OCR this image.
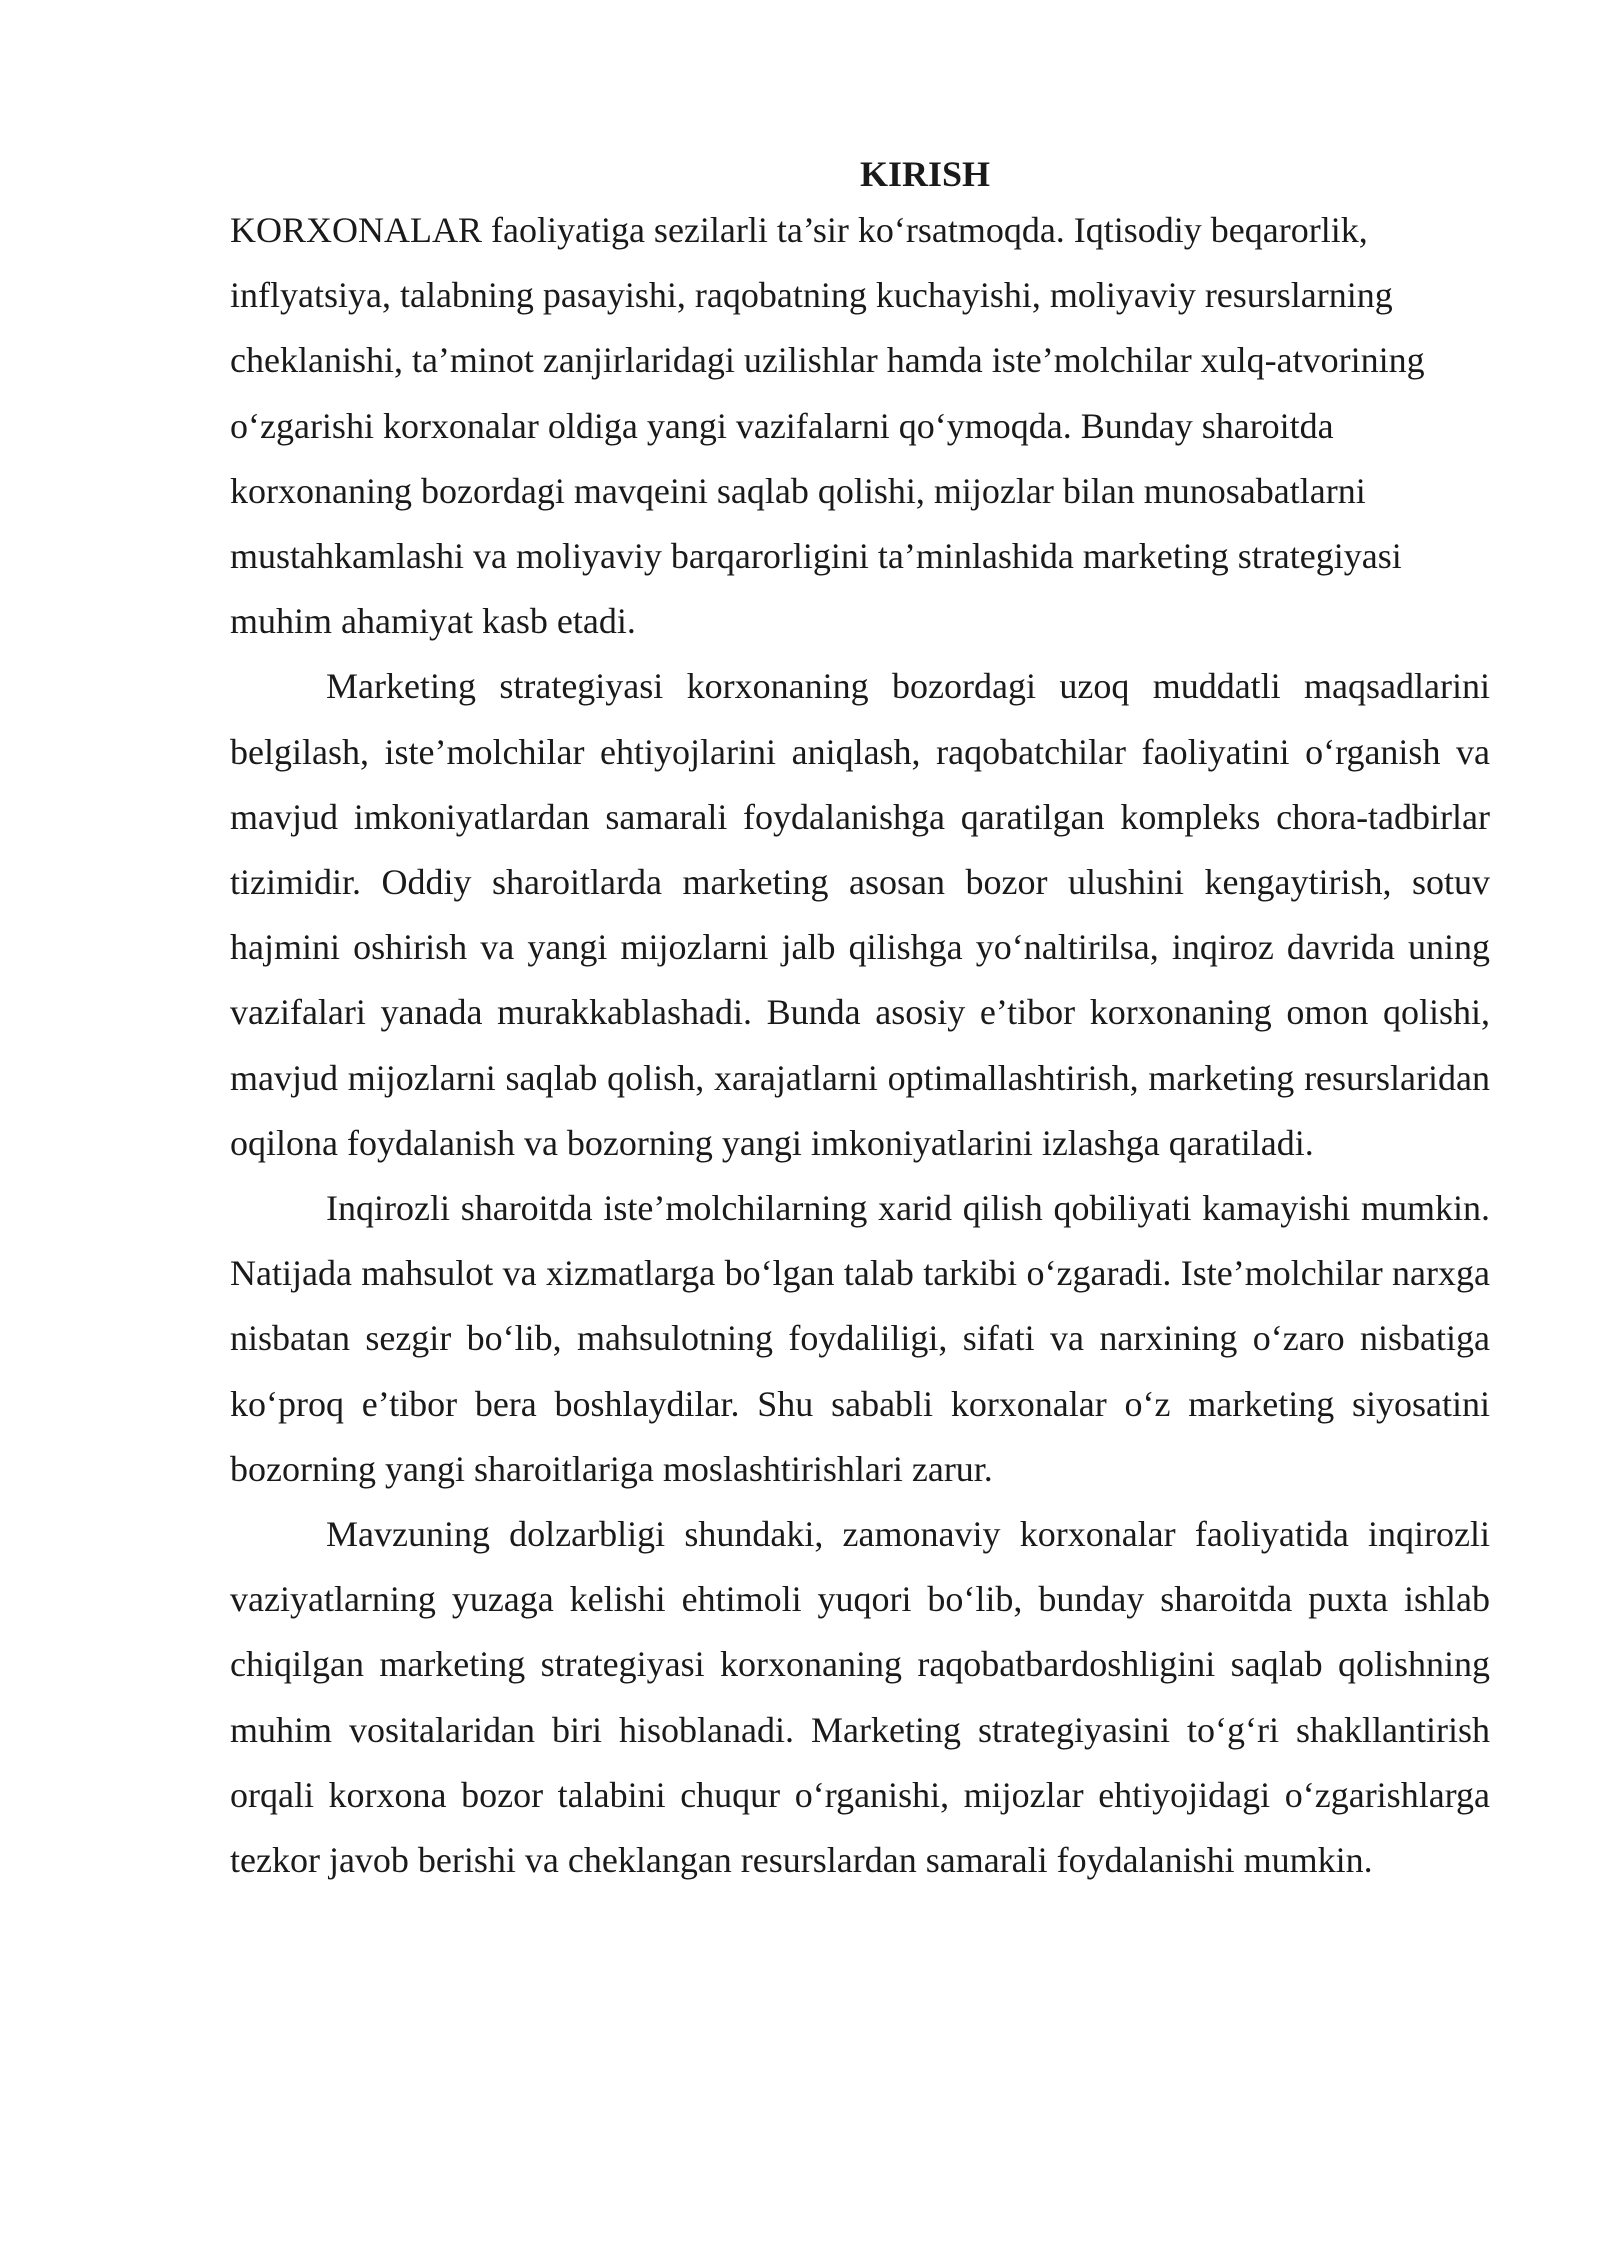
KIRISH

KORXONALAR faoliyatiga sezilarli ta’sir ko‘rsatmoqda. Iqtisodiy beqarorlik, inflyatsiya, talabning pasayishi, raqobatning kuchayishi, moliyaviy resurslarning cheklanishi, ta’minot zanjirlaridagi uzilishlar hamda iste’molchilar xulq-atvorining o‘zgarishi korxonalar oldiga yangi vazifalarni qo‘ymoqda. Bunday sharoitda korxonaning bozordagi mavqeini saqlab qolishi, mijozlar bilan munosabatlarni mustahkamlashi va moliyaviy barqarorligini ta’minlashida marketing strategiyasi muhim ahamiyat kasb etadi.

Marketing strategiyasi korxonaning bozordagi uzoq muddatli maqsadlarini belgilash, iste’molchilar ehtiyojlarini aniqlash, raqobatchilar faoliyatini o‘rganish va mavjud imkoniyatlardan samarali foydalanishga qaratilgan kompleks chora-tadbirlar tizimidir. Oddiy sharoitlarda marketing asosan bozor ulushini kengaytirish, sotuv hajmini oshirish va yangi mijozlarni jalb qilishga yo‘naltirilsa, inqiroz davrida uning vazifalari yanada murakkablashadi. Bunda asosiy e’tibor korxonaning omon qolishi, mavjud mijozlarni saqlab qolish, xarajatlarni optimallashtirish, marketing resurslaridan oqilona foydalanish va bozorning yangi imkoniyatlarini izlashga qaratiladi.

Inqirozli sharoitda iste’molchilarning xarid qilish qobiliyati kamayishi mumkin. Natijada mahsulot va xizmatlarga bo‘lgan talab tarkibi o‘zgaradi. Iste’molchilar narxga nisbatan sezgir bo‘lib, mahsulotning foydaliligi, sifati va narxining o‘zaro nisbatiga ko‘proq e’tibor bera boshlaydilar. Shu sababli korxonalar o‘z marketing siyosatini bozorning yangi sharoitlariga moslashtirishlari zarur.

Mavzuning dolzarbligi shundaki, zamonaviy korxonalar faoliyatida inqirozli vaziyatlarning yuzaga kelishi ehtimoli yuqori bo‘lib, bunday sharoitda puxta ishlab chiqilgan marketing strategiyasi korxonaning raqobatbardoshligini saqlab qolishning muhim vositalaridan biri hisoblanadi. Marketing strategiyasini to‘g‘ri shakllantirish orqali korxona bozor talabini chuqur o‘rganishi, mijozlar ehtiyojidagi o‘zgarishlarga tezkor javob berishi va cheklangan resurslardan samarali foydalanishi mumkin.
